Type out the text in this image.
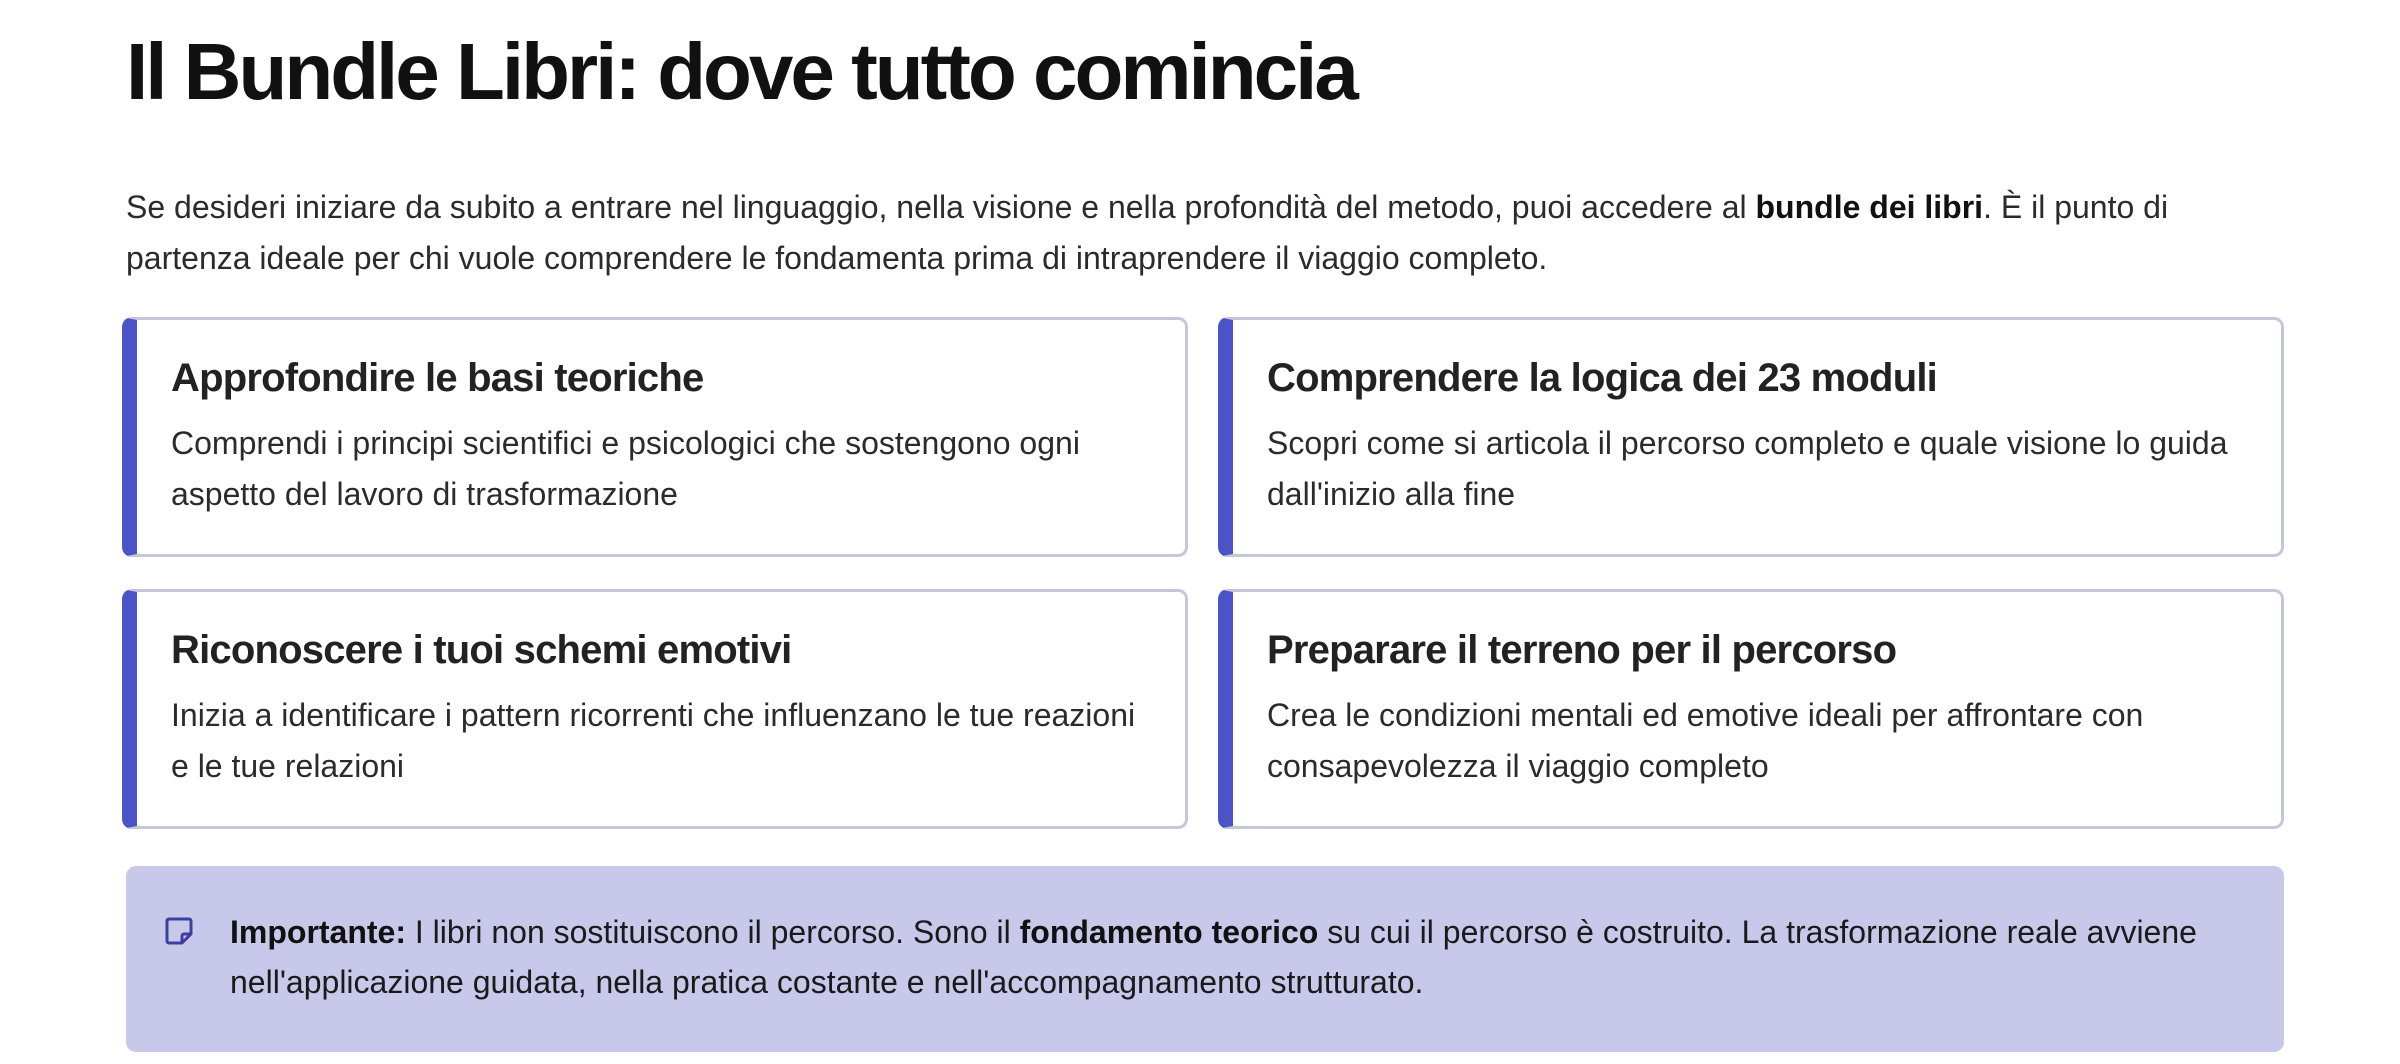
Il Bundle Libri: dove tutto comincia

Se desideri iniziare da subito a entrare nel linguaggio, nella visione e nella profondità del metodo, puoi accedere al bundle dei libri. È il punto di partenza ideale per chi vuole comprendere le fondamenta prima di intraprendere il viaggio completo.

Approfondire le basi teoriche

Comprendi i principi scientifici e psicologici che sostengono ogni aspetto del lavoro di trasformazione

Comprendere la logica dei 23 moduli

Scopri come si articola il percorso completo e quale visione lo guida dall'inizio alla fine

Riconoscere i tuoi schemi emotivi

Inizia a identificare i pattern ricorrenti che influenzano le tue reazioni e le tue relazioni

Preparare il terreno per il percorso

Crea le condizioni mentali ed emotive ideali per affrontare con consapevolezza il viaggio completo

Importante: I libri non sostituiscono il percorso. Sono il fondamento teorico su cui il percorso è costruito. La trasformazione reale avviene nell'applicazione guidata, nella pratica costante e nell'accompagnamento strutturato.
